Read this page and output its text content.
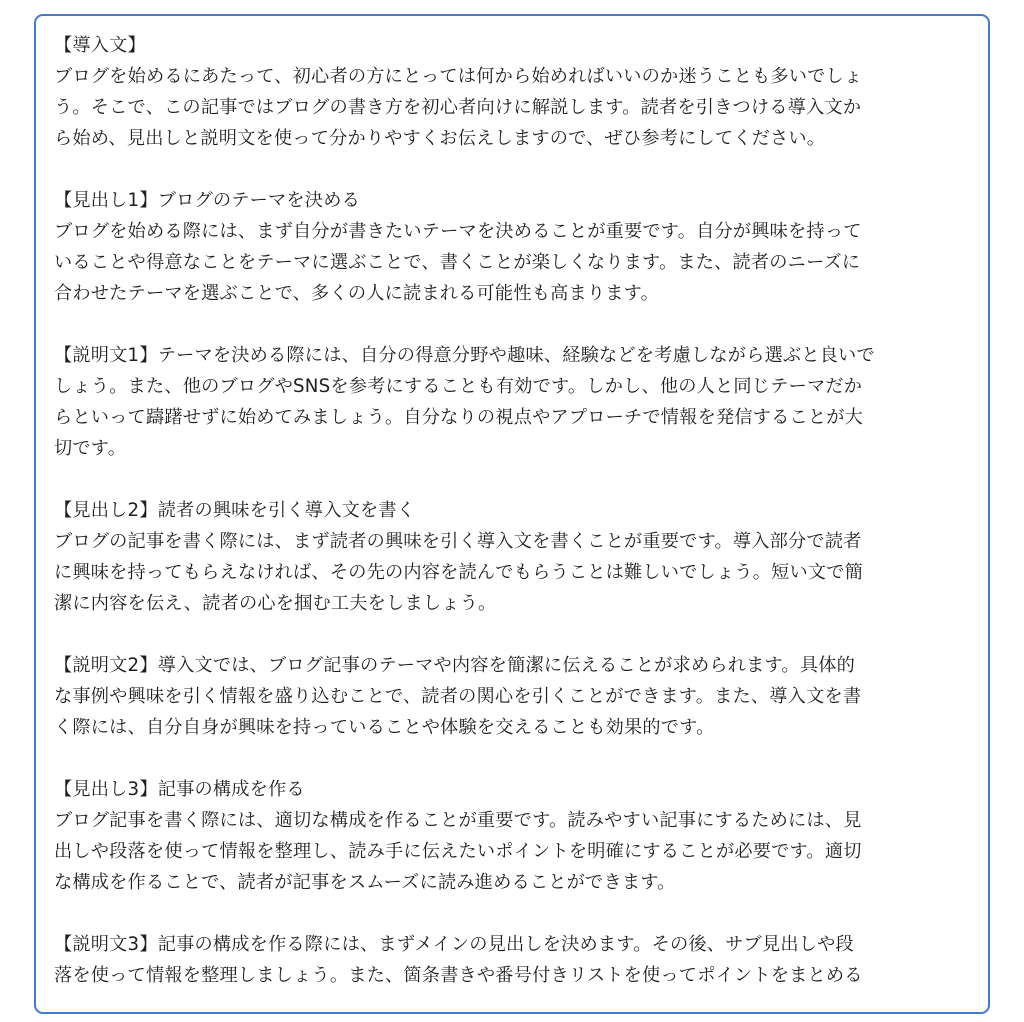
【導入文】
ブログを始めるにあたって、初心者の方にとっては何から始めればいいのか迷うことも多いでしょ
う。そこで、この記事ではブログの書き方を初心者向けに解説します。読者を引きつける導入文か
ら始め、見出しと説明文を使って分かりやすくお伝えしますので、ぜひ参考にしてください。
【見出し1】ブログのテーマを決める
ブログを始める際には、まず自分が書きたいテーマを決めることが重要です。自分が興味を持って
いることや得意なことをテーマに選ぶことで、書くことが楽しくなります。また、読者のニーズに
合わせたテーマを選ぶことで、多くの人に読まれる可能性も高まります。
【説明文1】テーマを決める際には、自分の得意分野や趣味、経験などを考慮しながら選ぶと良いで
しょう。また、他のブログやSNSを参考にすることも有効です。しかし、他の人と同じテーマだか
らといって躊躇せずに始めてみましょう。自分なりの視点やアプローチで情報を発信することが大
切です。
【見出し2】読者の興味を引く導入文を書く
ブログの記事を書く際には、まず読者の興味を引く導入文を書くことが重要です。導入部分で読者
に興味を持ってもらえなければ、その先の内容を読んでもらうことは難しいでしょう。短い文で簡
潔に内容を伝え、読者の心を掴む工夫をしましょう。
【説明文2】導入文では、ブログ記事のテーマや内容を簡潔に伝えることが求められます。具体的
な事例や興味を引く情報を盛り込むことで、読者の関心を引くことができます。また、導入文を書
く際には、自分自身が興味を持っていることや体験を交えることも効果的です。
【見出し3】記事の構成を作る
ブログ記事を書く際には、適切な構成を作ることが重要です。読みやすい記事にするためには、見
出しや段落を使って情報を整理し、読み手に伝えたいポイントを明確にすることが必要です。適切
な構成を作ることで、読者が記事をスムーズに読み進めることができます。
【説明文3】記事の構成を作る際には、まずメインの見出しを決めます。その後、サブ見出しや段
落を使って情報を整理しましょう。また、箇条書きや番号付きリストを使ってポイントをまとめる
